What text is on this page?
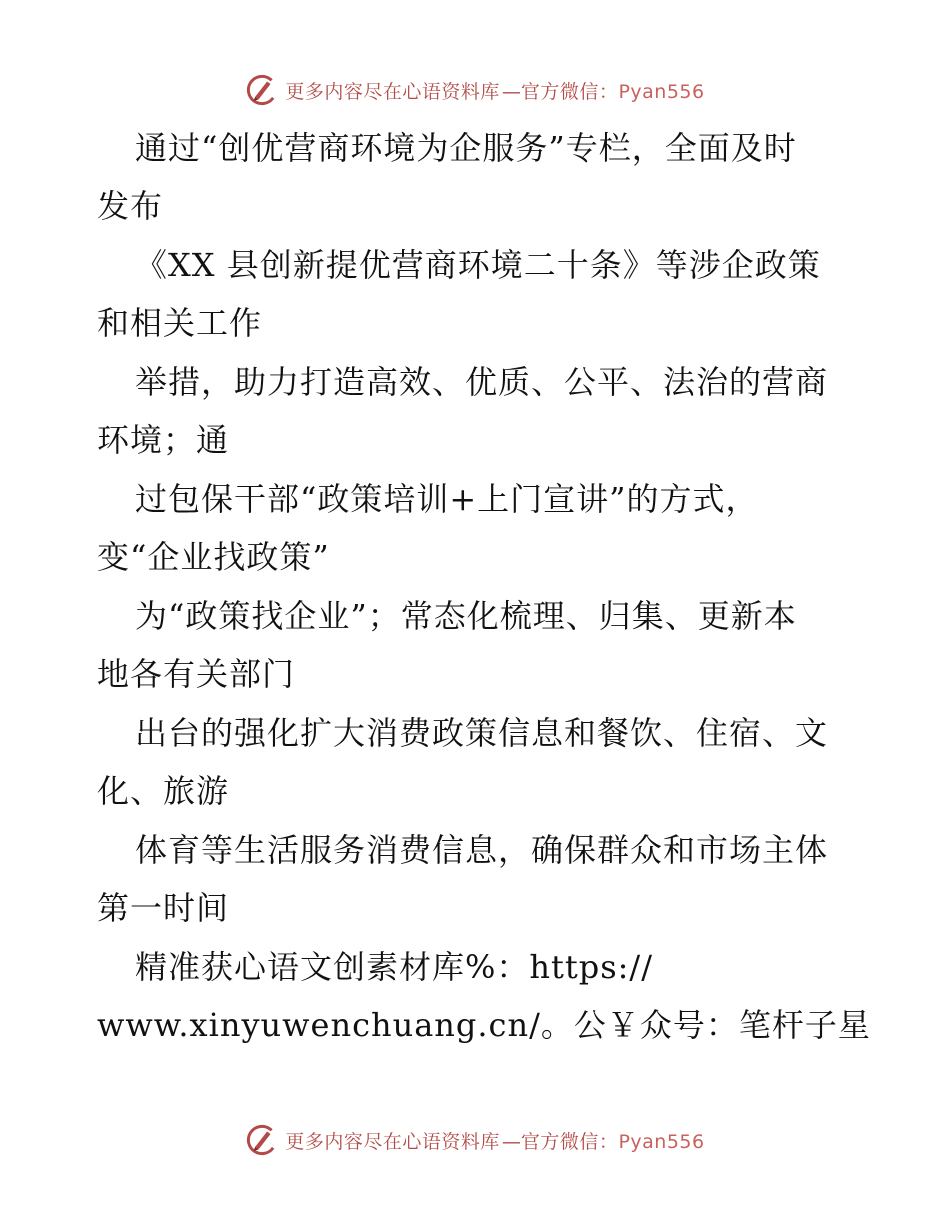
更多内容尽在心语资料库 — 官方微信：Pyan556
通过“创优营商环境为企服务”专栏，全面及时
发布
《XX 县创新提优营商环境二十条》等涉企政策
和相关工作
举措，助力打造高效、优质、公平、法治的营商
环境；通
过包保干部“政策培训+上门宣讲”的方式，
变“企业找政策”
为“政策找企业”；常态化梳理、归集、更新本
地各有关部门
出台的强化扩大消费政策信息和餐饮、住宿、文
化、旅游
体育等生活服务消费信息，确保群众和市场主体
第一时间
精准获心语文创素材库%：https://
www.xinyuwenchuang.cn/。公￥众号：笔杆子星
更多内容尽在心语资料库 — 官方微信：Pyan556
